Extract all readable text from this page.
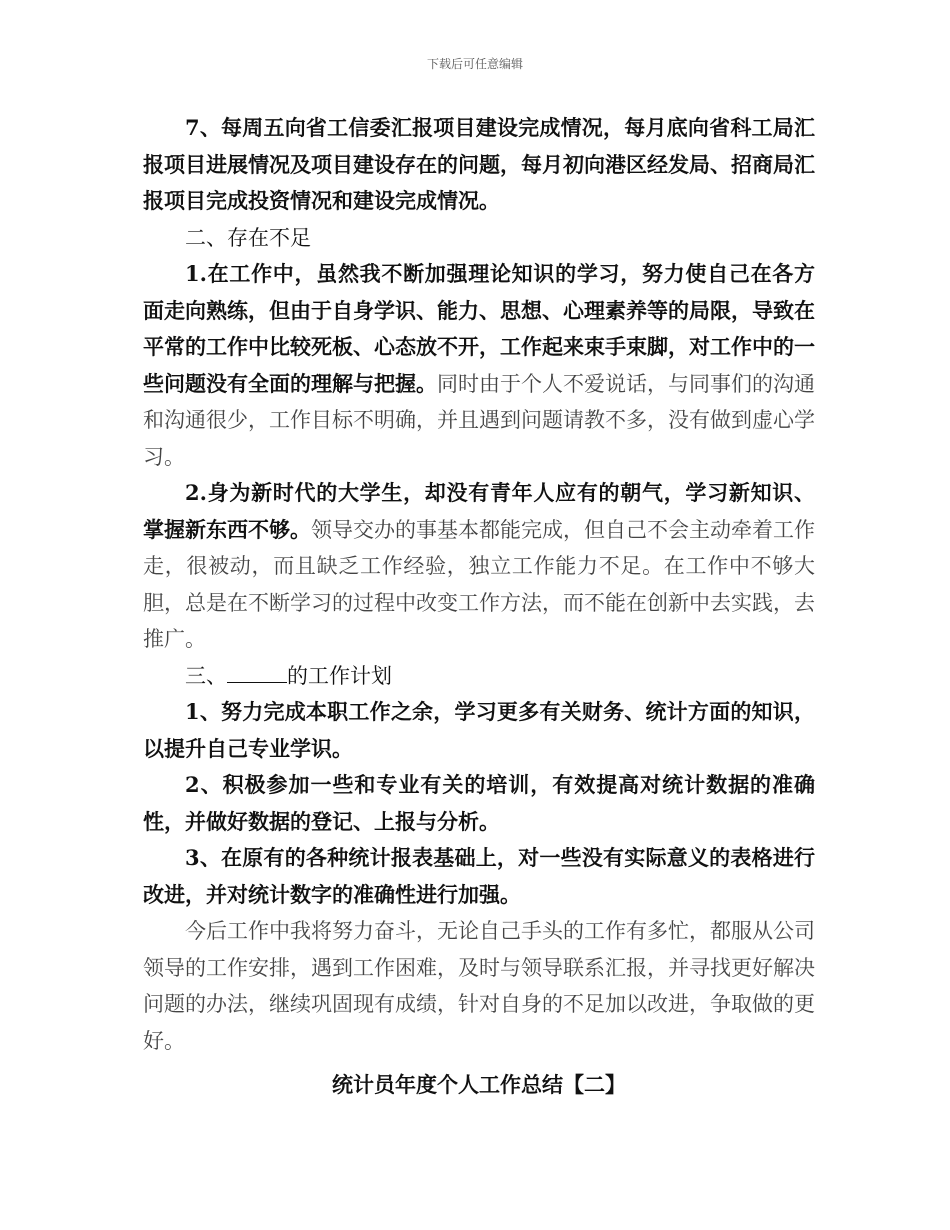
下载后可任意编辑

7、每周五向省工信委汇报项目建设完成情况，每月底向省科工局汇报项目进展情况及项目建设存在的问题，每月初向港区经发局、招商局汇报项目完成投资情况和建设完成情况。

二、存在不足

1.在工作中，虽然我不断加强理论知识的学习，努力使自己在各方面走向熟练，但由于自身学识、能力、思想、心理素养等的局限，导致在平常的工作中比较死板、心态放不开，工作起来束手束脚，对工作中的一些问题没有全面的理解与把握。同时由于个人不爱说话，与同事们的沟通和沟通很少，工作目标不明确，并且遇到问题请教不多，没有做到虚心学习。

2.身为新时代的大学生，却没有青年人应有的朝气，学习新知识、掌握新东西不够。领导交办的事基本都能完成，但自己不会主动牵着工作走，很被动，而且缺乏工作经验，独立工作能力不足。在工作中不够大胆，总是在不断学习的过程中改变工作方法，而不能在创新中去实践，去推广。

三、	的工作计划

1、努力完成本职工作之余，学习更多有关财务、统计方面的知识，以提升自己专业学识。

2、积极参加一些和专业有关的培训，有效提高对统计数据的准确性，并做好数据的登记、上报与分析。

3、在原有的各种统计报表基础上，对一些没有实际意义的表格进行改进，并对统计数字的准确性进行加强。

今后工作中我将努力奋斗，无论自己手头的工作有多忙，都服从公司领导的工作安排，遇到工作困难，及时与领导联系汇报，并寻找更好解决问题的办法，继续巩固现有成绩，针对自身的不足加以改进，争取做的更好。

统计员年度个人工作总结【二】
